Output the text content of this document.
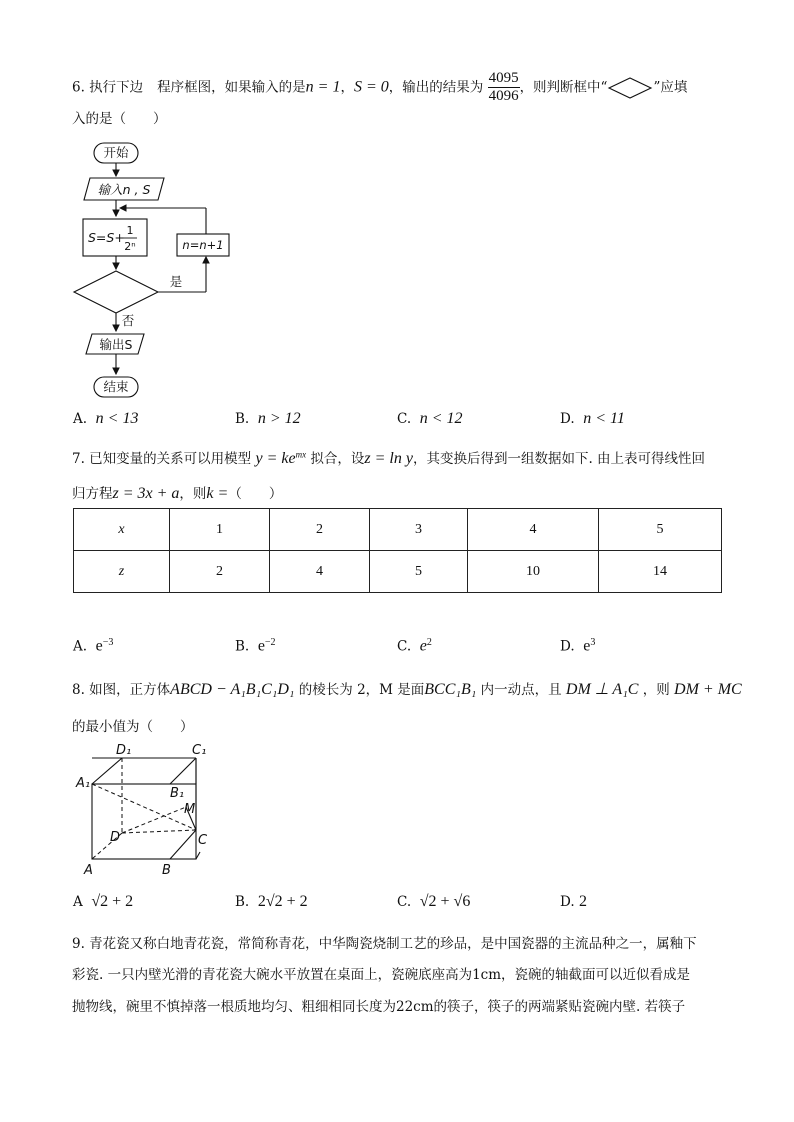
6. 执行下边 程序框图，如果输入的是n = 1，S = 0，输出的结果为 $\frac{4095}{4096}$ ，则判断框中“	”应填
入的是（　　）
开始
输入n , S
S=S+ 1
2ⁿ	n=n+1
是
否
输出S
结束
A. n < 13	B. n > 12	C. n < 12	D. n < 11
7. 已知变量的关系可以用模型 $y = ke^{mx}$ 拟合，设z = ln y，其变换后得到一组数据如下. 由上表可得线性回
归方程z = 3x + a，则k =（　　）
x	1	2	3	4	5
z	2	4	5	10	14
A. $e^{-3}$	B. $e^{-2}$	C. $e^2$	D. $e^3$
8. 如图，正方体ABCD − A₁B₁C₁D₁ 的棱长为 2，M 是面BCC₁B₁ 内一动点，且 DM ⊥ A₁C ，则 DM + MC
的最小值为（　　）
D₁	C₁
A₁
B₁
M
D	C
A	B
A √2 + 2	B. 2√2 + 2	C. √2 + √6	D. 2
9. 青花瓷又称白地青花瓷，常简称青花，中华陶瓷烧制工艺的珍品，是中国瓷器的主流品种之一，属釉下
彩瓷. 一只内壁光滑的青花瓷大碗水平放置在桌面上，瓷碗底座高为1cm，瓷碗的轴截面可以近似看成是
抛物线，碗里不慎掉落一根质地均匀、粗细相同长度为22cm的筷子，筷子的两端紧贴瓷碗内壁. 若筷子
